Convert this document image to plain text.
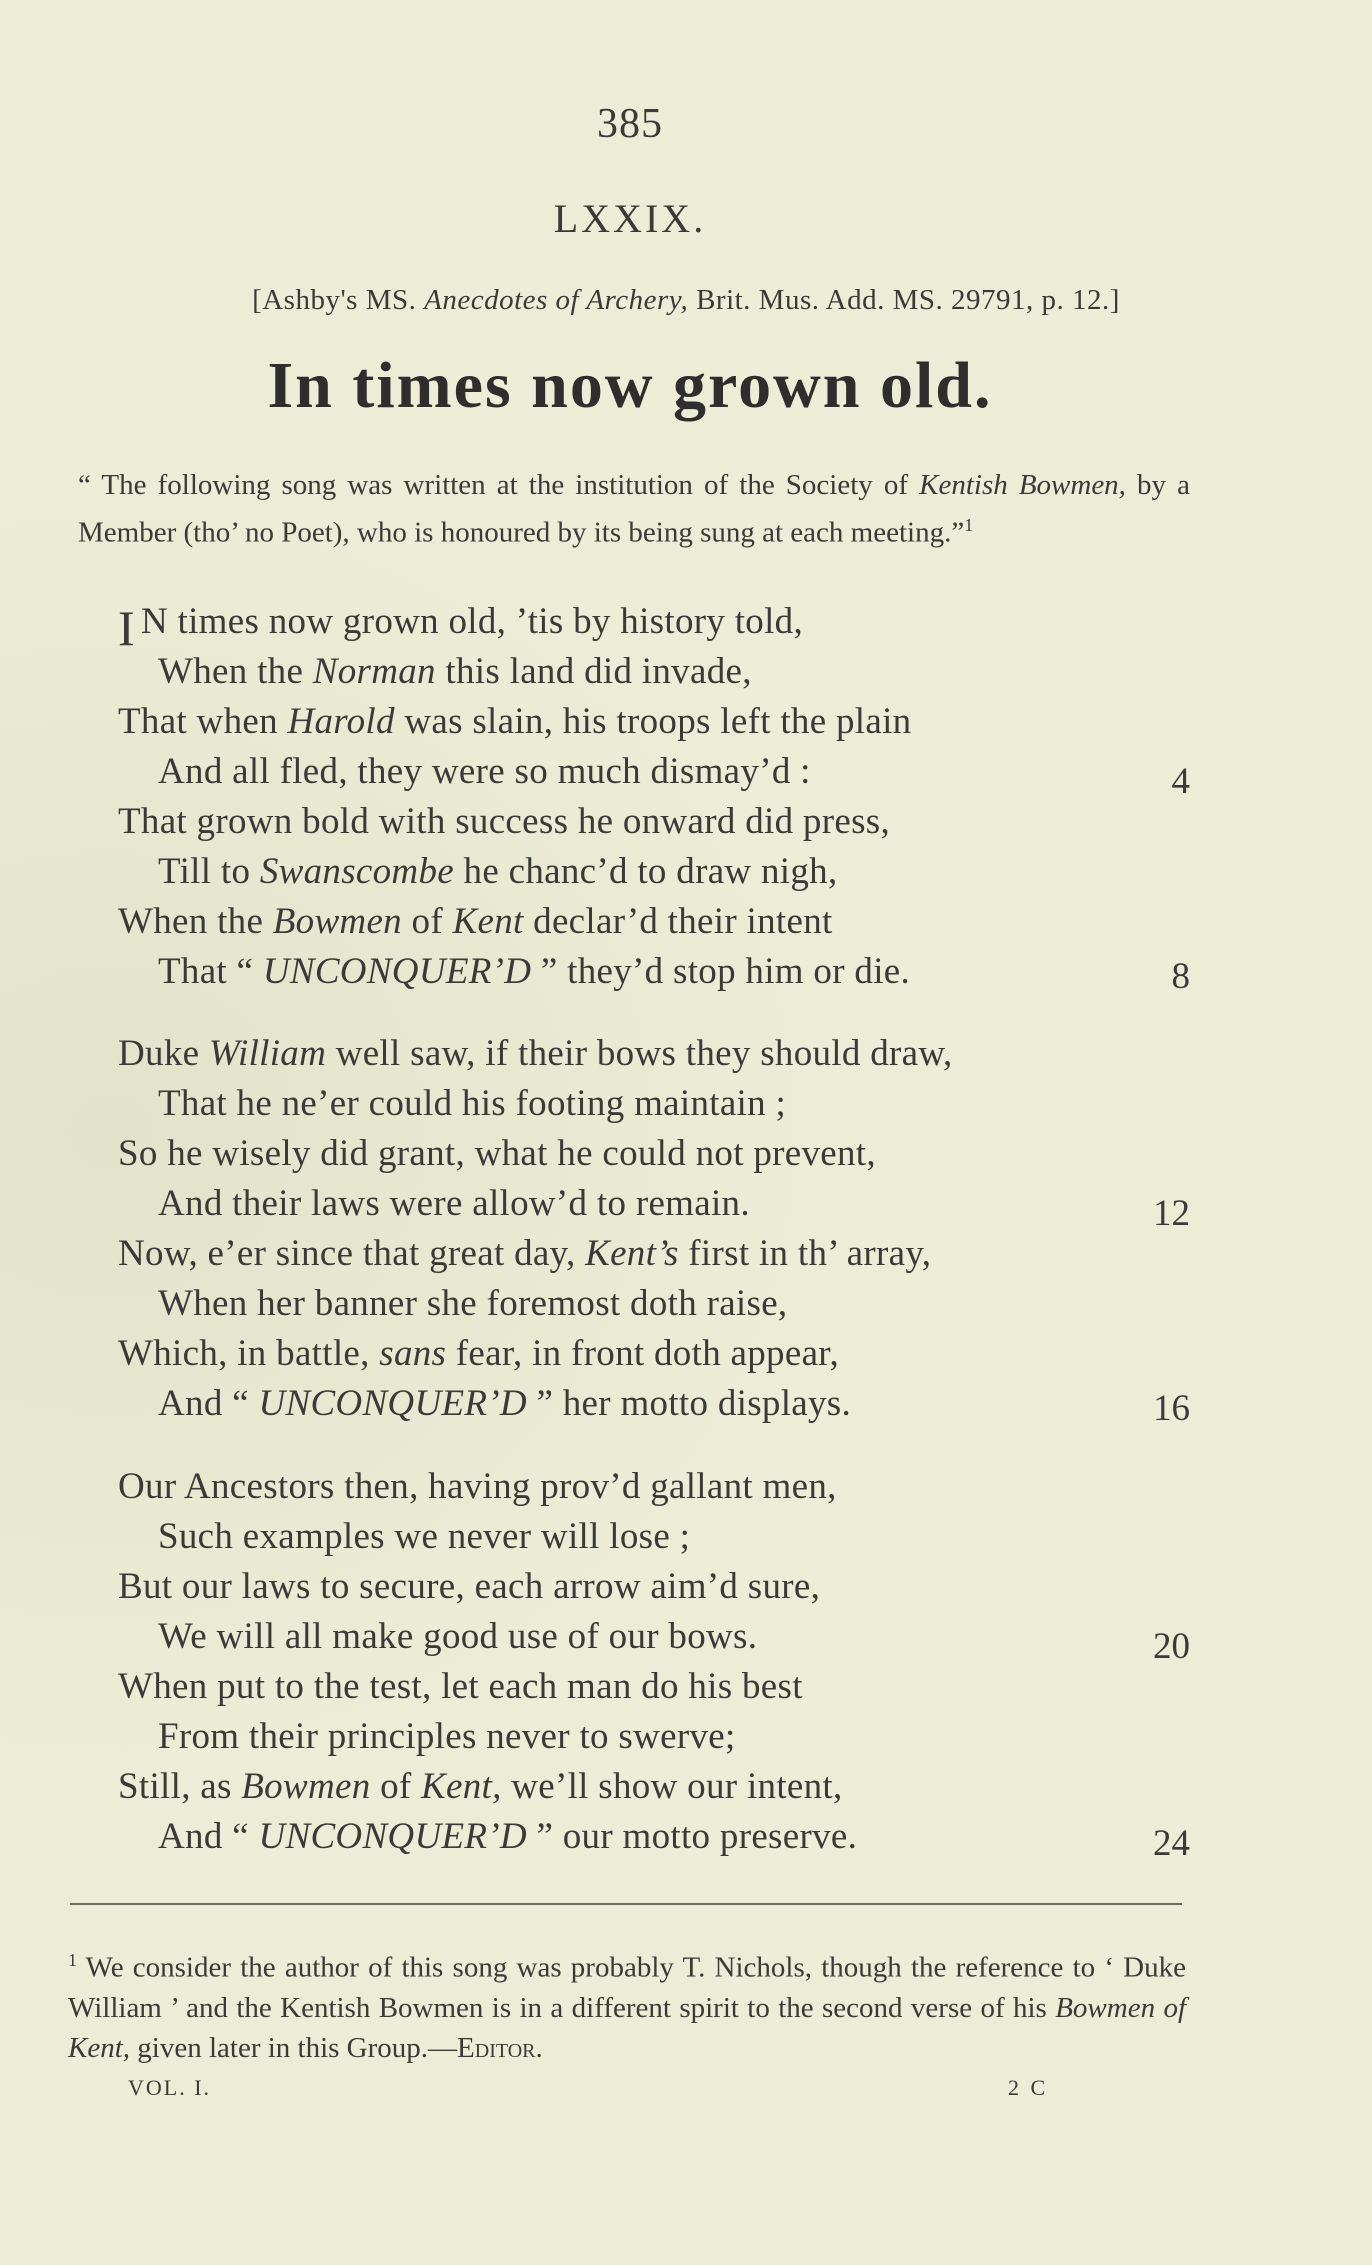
385
LXXIX.
[Ashby's MS. Anecdotes of Archery, Brit. Mus. Add. MS. 29791, p. 12.]
In times now grown old.
“ The following song was written at the institution of the Society of Kentish Bowmen, by a Member (tho’ no Poet), who is honoured by its being sung at each meeting.”$^1$
I N times now grown old, ’tis by history told,
When the Norman this land did invade,
That when Harold was slain, his troops left the plain
And all fled, they were so much dismay’d :	4
That grown bold with success he onward did press,
Till to Swanscombe he chanc’d to draw nigh,
When the Bowmen of Kent declar’d their intent
That “ UNCONQUER’D ” they’d stop him or die.	8
Duke William well saw, if their bows they should draw,
That he ne’er could his footing maintain ;
So he wisely did grant, what he could not prevent,
And their laws were allow’d to remain.	12
Now, e’er since that great day, Kent’s first in th’ array,
When her banner she foremost doth raise,
Which, in battle, sans fear, in front doth appear,
And “ UNCONQUER’D ” her motto displays.	16
Our Ancestors then, having prov’d gallant men,
Such examples we never will lose ;
But our laws to secure, each arrow aim’d sure,
We will all make good use of our bows.	20
When put to the test, let each man do his best
From their principles never to swerve;
Still, as Bowmen of Kent, we’ll show our intent,
And “ UNCONQUER’D ” our motto preserve.	24
$^1$ We consider the author of this song was probably T. Nichols, though the reference to ‘ Duke William ’ and the Kentish Bowmen is in a different spirit to the second verse of his Bowmen of Kent, given later in this Group.—Editor.
VOL. I.	2 C
